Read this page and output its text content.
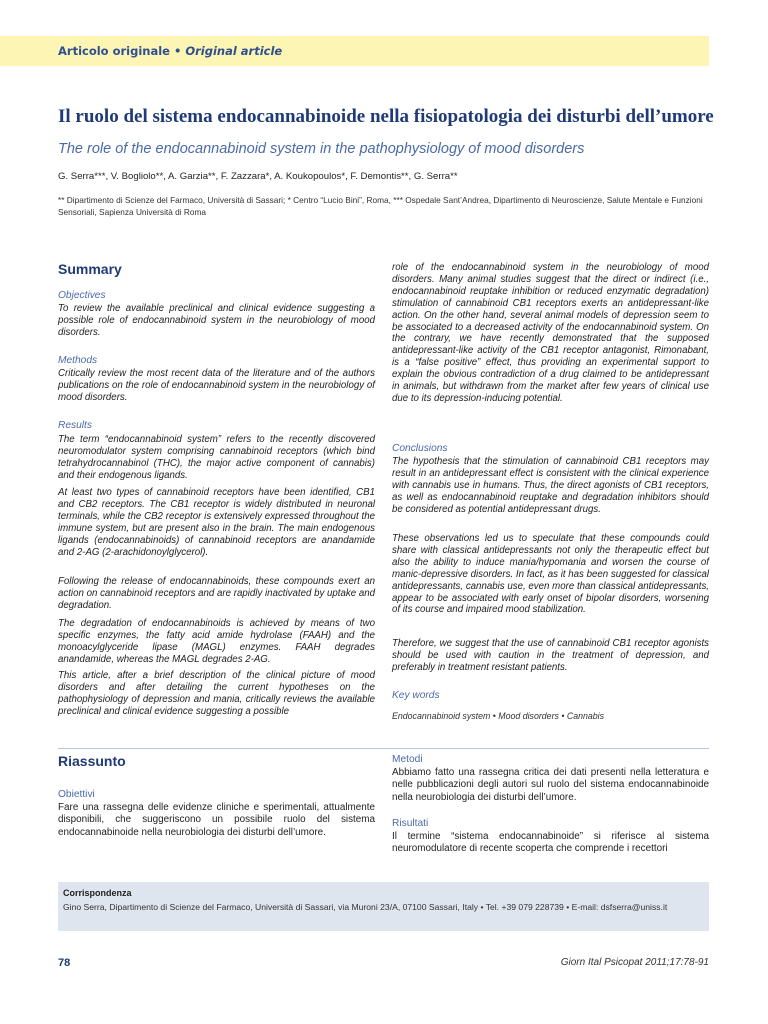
Articolo originale • Original article
Il ruolo del sistema endocannabinoide nella fisiopatologia dei disturbi dell’umore
The role of the endocannabinoid system in the pathophysiology of mood disorders
G. Serra***, V. Bogliolo**, A. Garzia**, F. Zazzara*, A. Koukopoulos*, F. Demontis**, G. Serra**
** Dipartimento di Scienze del Farmaco, Università di Sassari; * Centro “Lucio Bini”, Roma, *** Ospedale Sant’Andrea, Dipartimento di Neuroscienze, Salute Mentale e Funzioni Sensoriali, Sapienza Università di Roma
Summary
Objectives

To review the available preclinical and clinical evidence suggesting a possible role of endocannabinoid system in the neurobiology of mood disorders.

Methods

Critically review the most recent data of the literature and of the authors publications on the role of endocannabinoid system in the neurobiology of mood disorders.

Results

The term “endocannabinoid system” refers to the recently discovered neuromodulator system comprising cannabinoid receptors (which bind tetrahydrocannabinol (THC), the major active component of cannabis) and their endogenous ligands.

At least two types of cannabinoid receptors have been identified, CB1 and CB2 receptors. The CB1 receptor is widely distributed in neuronal terminals, while the CB2 receptor is extensively expressed throughout the immune system, but are present also in the brain. The main endogenous ligands (endocannabinoids) of cannabinoid receptors are anandamide and 2-AG (2-arachidonoylglycerol).

Following the release of endocannabinoids, these compounds exert an action on cannabinoid receptors and are rapidly inactivated by uptake and degradation.

The degradation of endocannabinoids is achieved by means of two specific enzymes, the fatty acid amide hydrolase (FAAH) and the monoacylglyceride lipase (MAGL) enzymes. FAAH degrades anandamide, whereas the MAGL degrades 2-AG.

This article, after a brief description of the clinical picture of mood disorders and after detailing the current hypotheses on the pathophysiology of depression and mania, critically reviews the available preclinical and clinical evidence suggesting a possible

role of the endocannabinoid system in the neurobiology of mood disorders. Many animal studies suggest that the direct or indirect (i.e., endocannabinoid reuptake inhibition or reduced enzymatic degradation) stimulation of cannabinoid CB1 receptors exerts an antidepressant-like action. On the other hand, several animal models of depression seem to be associated to a decreased activity of the endocannabinoid system. On the contrary, we have recently demonstrated that the supposed antidepressant-like activity of the CB1 receptor antagonist, Rimonabant, is a “false positive” effect, thus providing an experimental support to explain the obvious contradiction of a drug claimed to be antidepressant in animals, but withdrawn from the market after few years of clinical use due to its depression-inducing potential.

Conclusions

The hypothesis that the stimulation of cannabinoid CB1 receptors may result in an antidepressant effect is consistent with the clinical experience with cannabis use in humans. Thus, the direct agonists of CB1 receptors, as well as endocannabinoid reuptake and degradation inhibitors should be considered as potential antidepressant drugs.

These observations led us to speculate that these compounds could share with classical antidepressants not only the therapeutic effect but also the ability to induce mania/hypomania and worsen the course of manic-depressive disorders. In fact, as it has been suggested for classical antidepressants, cannabis use, even more than classical antidepressants, appear to be associated with early onset of bipolar disorders, worsening of its course and impaired mood stabilization.

Therefore, we suggest that the use of cannabinoid CB1 receptor agonists should be used with caution in the treatment of depression, and preferably in treatment resistant patients.

Key words
Endocannabinoid system • Mood disorders • Cannabis
Riassunto
Obiettivi

Fare una rassegna delle evidenze cliniche e sperimentali, attualmente disponibili, che suggeriscono un possibile ruolo del sistema endocannabinoide nella neurobiologia dei disturbi dell’umore.

Metodi

Abbiamo fatto una rassegna critica dei dati presenti nella letteratura e nelle pubblicazioni degli autori sul ruolo del sistema endocannabinoide nella neurobiologia dei disturbi dell’umore.

Risultati

Il termine “sistema endocannabinoide” si riferisce al sistema neuromodulatore di recente scoperta che comprende i recettori

Corrispondenza
Gino Serra, Dipartimento di Scienze del Farmaco, Università di Sassari, via Muroni 23/A, 07100 Sassari, Italy • Tel. +39 079 228739 • E-mail: dsfserra@uniss.it
78	Giorn Ital Psicopat 2011;17:78-91
